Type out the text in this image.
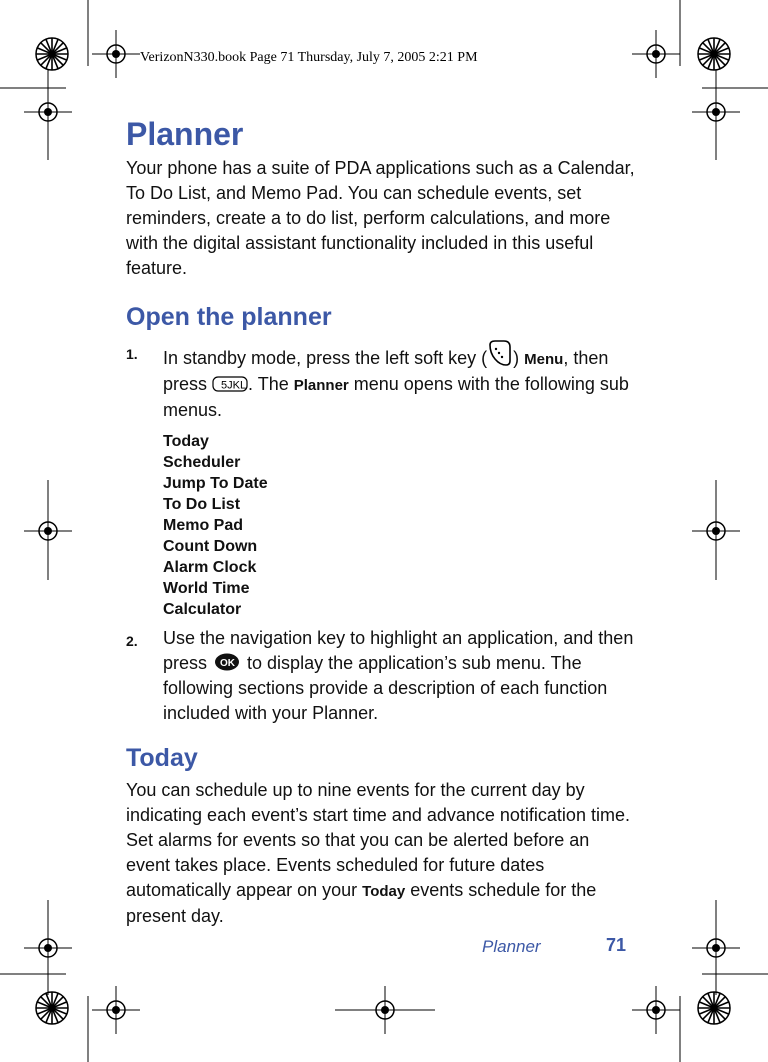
VerizonN330.book Page 71 Thursday, July 7, 2005 2:21 PM
Planner

Your phone has a suite of PDA applications such as a Calendar, To Do List, and Memo Pad. You can schedule events, set reminders, create a to do list, perform calculations, and more with the digital assistant functionality included in this useful feature.

Open the planner
1. In standby mode, press the left soft key ( ) Menu, then press 5JKL . The Planner menu opens with the following sub menus.
Today
Scheduler
Jump To Date
To Do List
Memo Pad
Count Down
Alarm Clock
World Time
Calculator
2. Use the navigation key to highlight an application, and then press OK to display the application’s sub menu. The following sections provide a description of each function included with your Planner.
Today

You can schedule up to nine events for the current day by indicating each event’s start time and advance notification time. Set alarms for events so that you can be alerted before an event takes place. Events scheduled for future dates automatically appear on your Today events schedule for the present day.

Planner	71
